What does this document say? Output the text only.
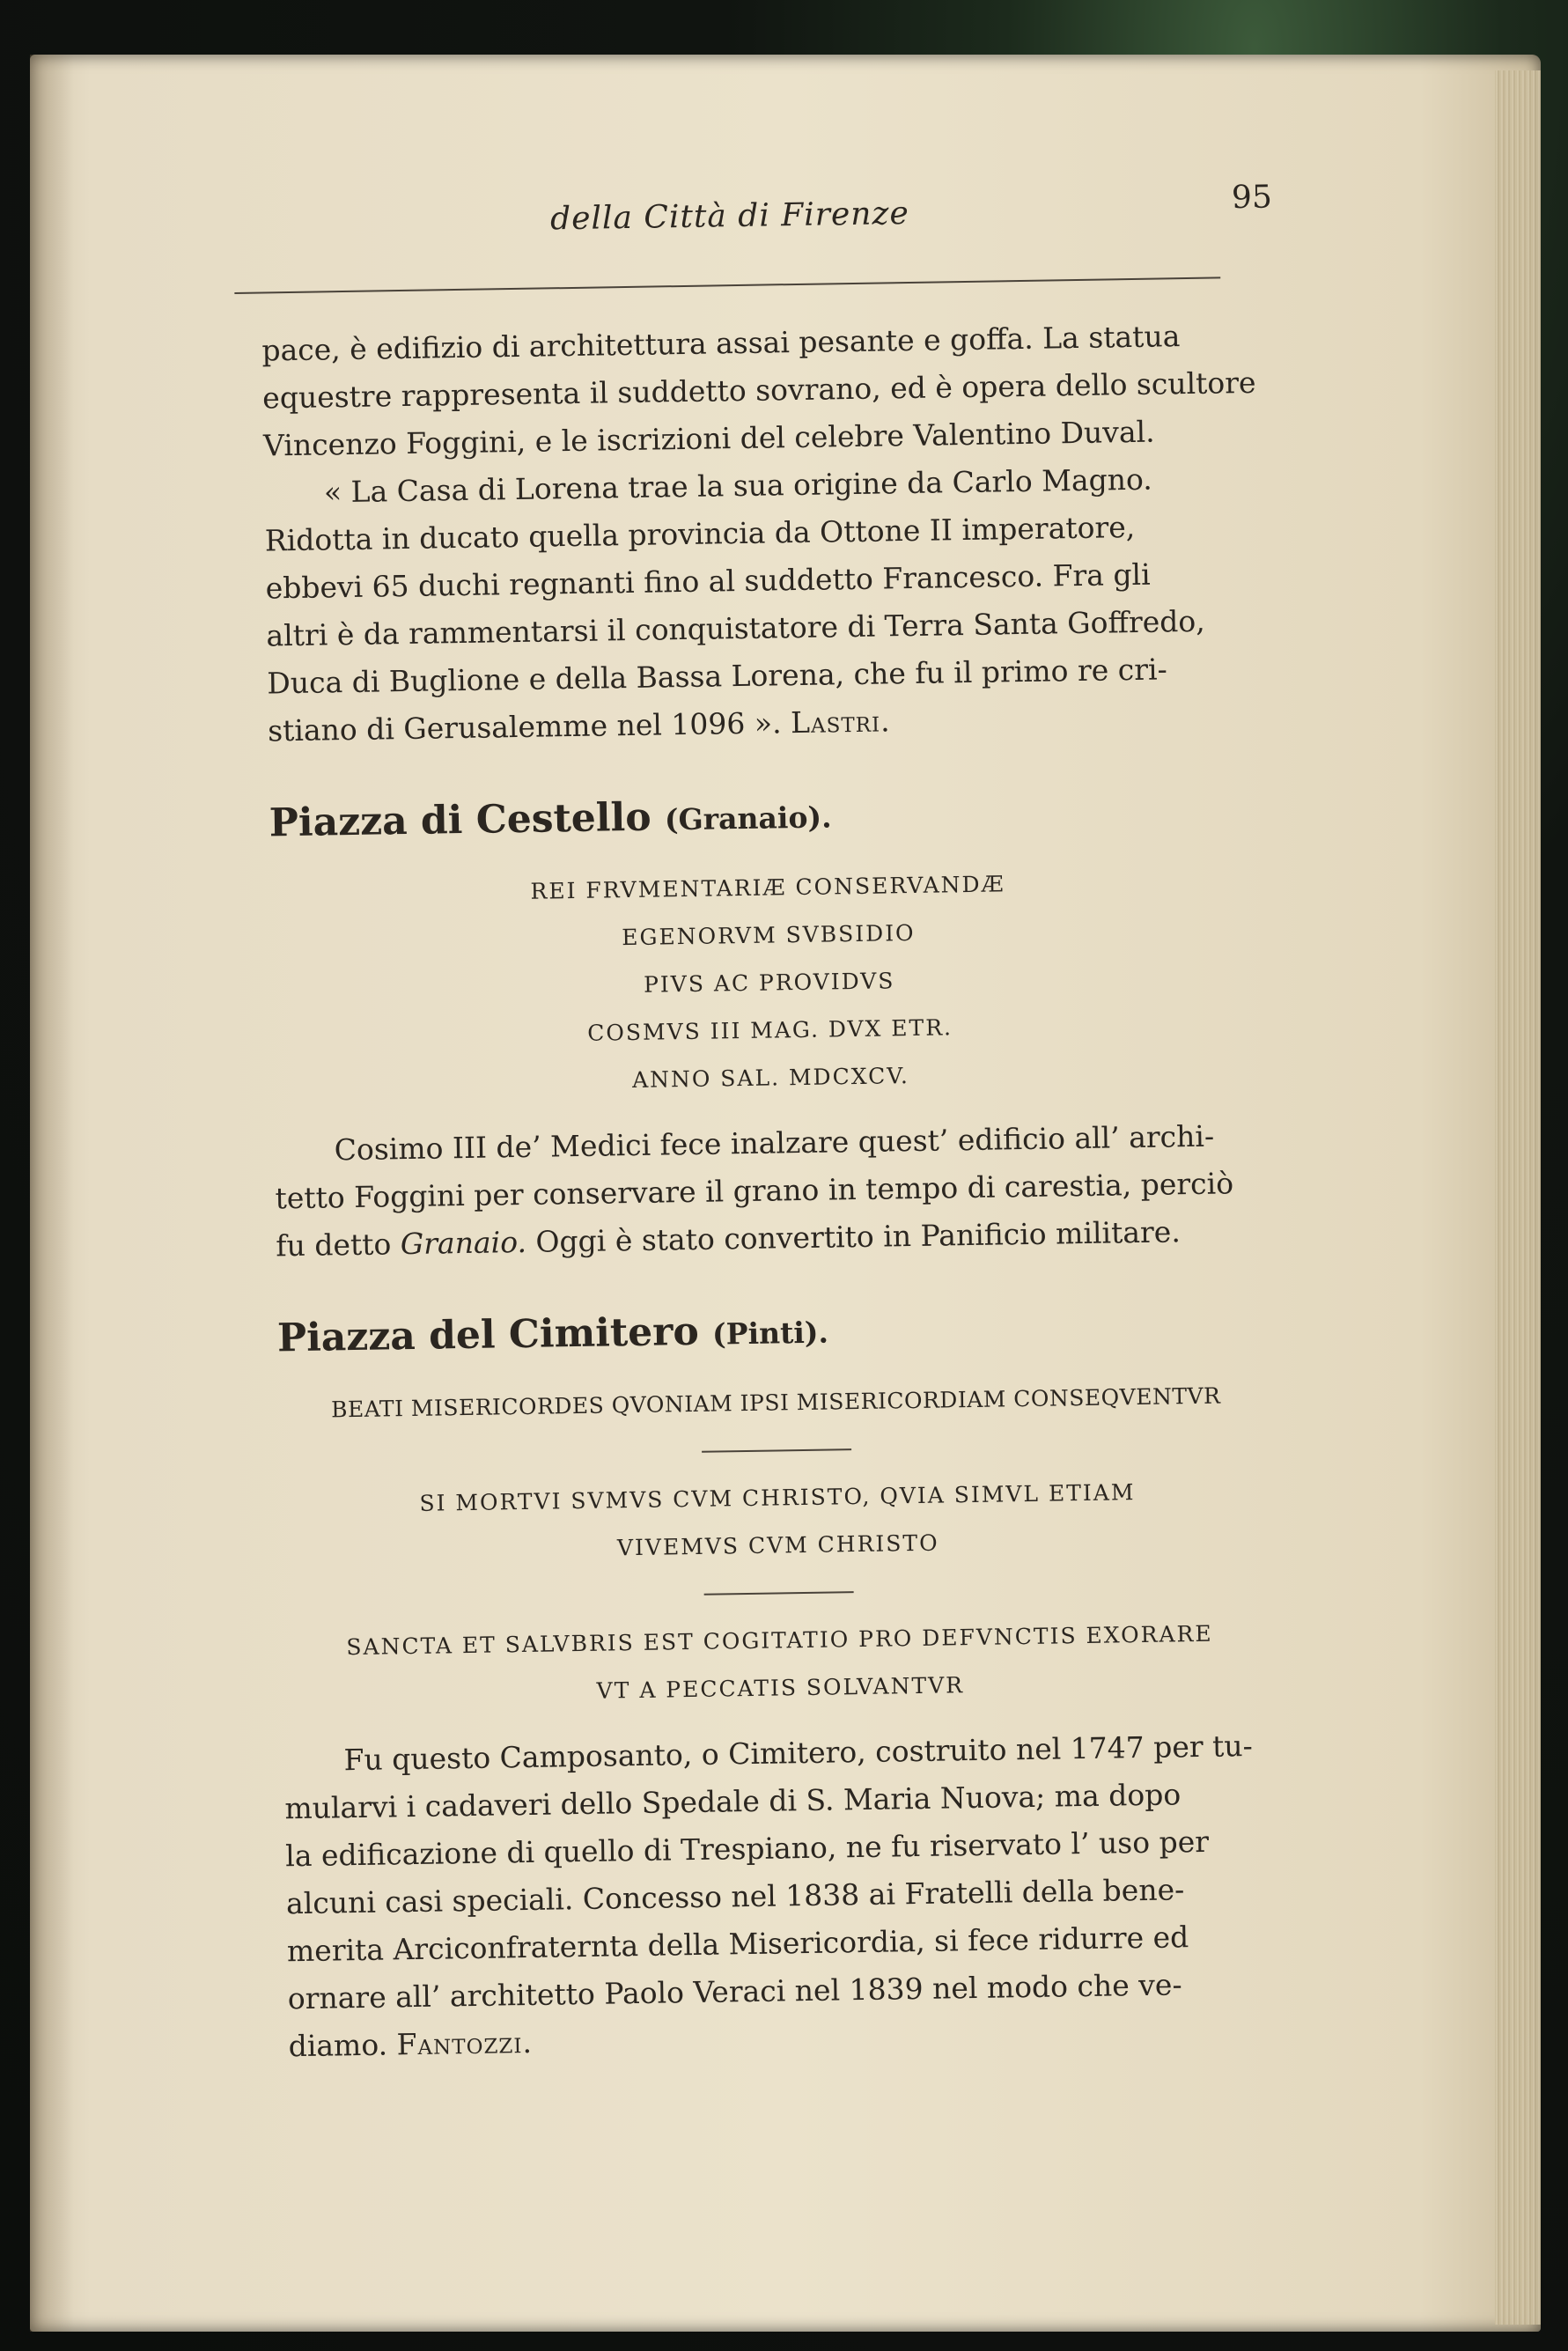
della Città di Firenze	95

pace, è edifizio di architettura assai pesante e goffa. La statua
equestre rappresenta il suddetto sovrano, ed è opera dello scultore
Vincenzo Foggini, e le iscrizioni del celebre Valentino Duval.

« La Casa di Lorena trae la sua origine da Carlo Magno.
Ridotta in ducato quella provincia da Ottone II imperatore,
ebbevi 65 duchi regnanti fino al suddetto Francesco. Fra gli
altri è da rammentarsi il conquistatore di Terra Santa Goffredo,
Duca di Buglione e della Bassa Lorena, che fu il primo re cri-
stiano di Gerusalemme nel 1096 ». Lastri.

Piazza di Cestello (Granaio).

REI FRVMENTARIÆ CONSERVANDÆ

EGENORVM SVBSIDIO

PIVS AC PROVIDVS

COSMVS III MAG. DVX ETR.

ANNO SAL. MDCXCV.

Cosimo III de’ Medici fece inalzare quest’ edificio all’ archi-
tetto Foggini per conservare il grano in tempo di carestia, perciò
fu detto Granaio. Oggi è stato convertito in Panificio militare.

Piazza del Cimitero (Pinti).

BEATI MISERICORDES QVONIAM IPSI MISERICORDIAM CONSEQVENTVR

SI MORTVI SVMVS CVM CHRISTO, QVIA SIMVL ETIAM

VIVEMVS CVM CHRISTO

SANCTA ET SALVBRIS EST COGITATIO PRO DEFVNCTIS EXORARE

VT A PECCATIS SOLVANTVR

Fu questo Camposanto, o Cimitero, costruito nel 1747 per tu-
mularvi i cadaveri dello Spedale di S. Maria Nuova; ma dopo
la edificazione di quello di Trespiano, ne fu riservato l’ uso per
alcuni casi speciali. Concesso nel 1838 ai Fratelli della bene-
merita Arciconfraternta della Misericordia, si fece ridurre ed
ornare all’ architetto Paolo Veraci nel 1839 nel modo che ve-
diamo. Fantozzi.
